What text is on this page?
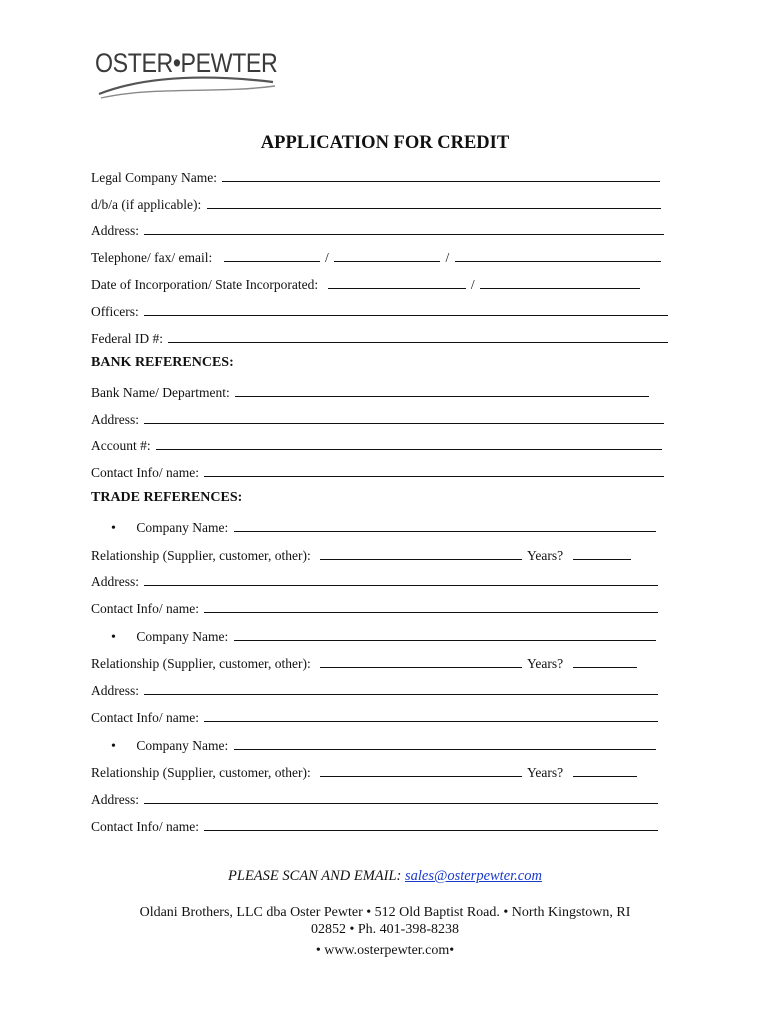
OSTER•PEWTER
APPLICATION FOR CREDIT
Legal Company Name:
d/b/a (if applicable):
Address:
Telephone/ fax/ email:	/	/
Date of Incorporation/ State Incorporated:	/
Officers:
Federal ID #:
BANK REFERENCES:
Bank Name/ Department:
Address:
Account #:
Contact Info/ name:
TRADE REFERENCES:
• Company Name:
Relationship (Supplier, customer, other):	Years?
Address:
Contact Info/ name:
• Company Name:
Relationship (Supplier, customer, other):	Years?
Address:
Contact Info/ name:
• Company Name:
Relationship (Supplier, customer, other):	Years?
Address:
Contact Info/ name:
PLEASE SCAN AND EMAIL: sales@osterpewter.com
Oldani Brothers, LLC dba Oster Pewter • 512 Old Baptist Road. • North Kingstown, RI
02852 • Ph. 401-398-8238
• www.osterpewter.com•
